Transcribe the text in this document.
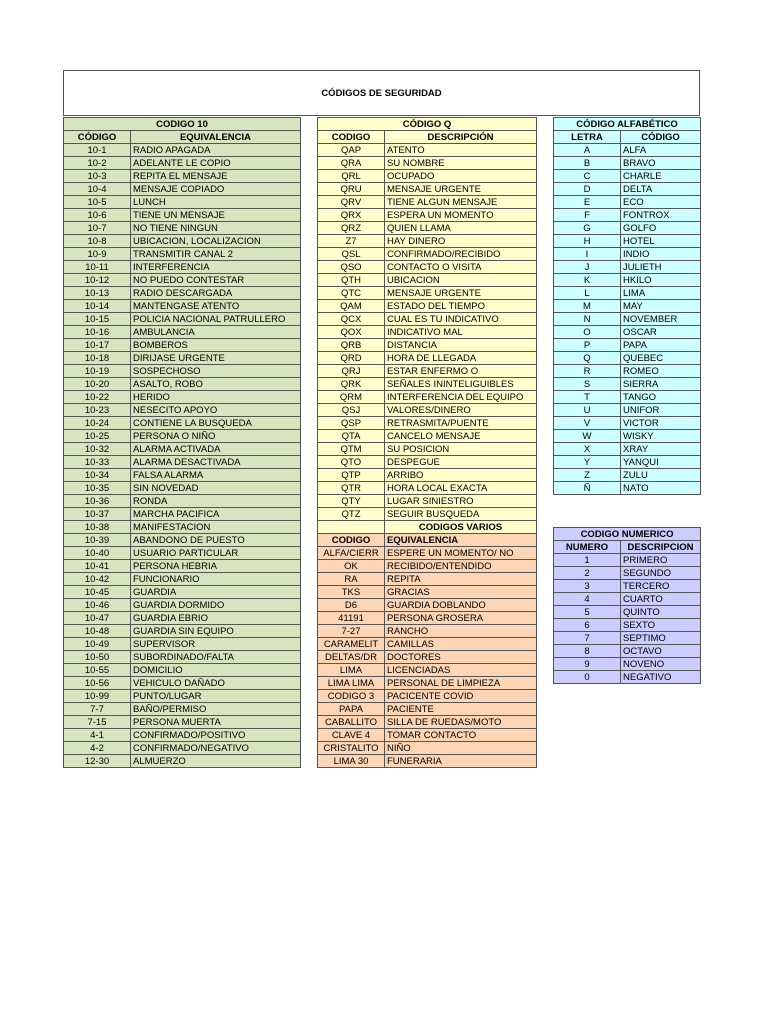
CÓDIGOS DE SEGURIDAD
CODIGO 10	
CÓDIGO	EQUIVALENCIA
10-1	RADIO APAGADA
10-2	ADELANTE LE COPIO
10-3	REPITA EL MENSAJE
10-4	MENSAJE COPIADO
10-5	LUNCH
10-6	TIENE UN MENSAJE
10-7	NO TIENE NINGUN
10-8	UBICACION, LOCALIZACION
10-9	TRANSMITIR CANAL 2
10-11	INTERFERENCIA
10-12	NO PUEDO CONTESTAR
10-13	RADIO DESCARGADA
10-14	MANTENGASE ATENTO
10-15	POLICIA NACIONAL PATRULLERO
10-16	AMBULANCIA
10-17	BOMBEROS
10-18	DIRIJASE URGENTE
10-19	SOSPECHOSO
10-20	ASALTO, ROBO
10-22	HERIDO
10-23	NESECITO APOYO
10-24	CONTIENE LA BUSQUEDA
10-25	PERSONA O NIÑO
10-32	ALARMA ACTIVADA
10-33	ALARMA DESACTIVADA
10-34	FALSA ALARMA
10-35	SIN NOVEDAD
10-36	RONDA
10-37	MARCHA PACIFICA
10-38	MANIFESTACION
10-39	ABANDONO DE PUESTO
10-40	USUARIO PARTICULAR
10-41	PERSONA HEBRIA
10-42	FUNCIONARIO
10-45	GUARDIA
10-46	GUARDIA DORMIDO
10-47	GUARDIA EBRIO
10-48	GUARDIA SIN EQUIPO
10-49	SUPERVISOR
10-50	SUBORDINADO/FALTA
10-55	DOMICILIO
10-56	VEHICULO DAÑADO
10-99	PUNTO/LUGAR
7-7	BAÑO/PERMISO
7-15	PERSONA MUERTA
4-1	CONFIRMADO/POSITIVO
4-2	CONFIRMADO/NEGATIVO
12-30	ALMUERZO
CÓDIGO Q	
CODIGO	DESCRIPCIÓN
QAP	ATENTO
QRA	SU NOMBRE
QRL	OCUPADO
QRU	MENSAJE URGENTE
QRV	TIENE ALGUN MENSAJE
QRX	ESPERA UN MOMENTO
QRZ	QUIEN LLAMA
Z7	HAY DINERO
QSL	CONFIRMADO/RECIBIDO
QSO	CONTACTO O VISITA
QTH	UBICACION
QTC	MENSAJE URGENTE
QAM	ESTADO DEL TIEMPO
QCX	CUAL ES TU INDICATIVO
QOX	INDICATIVO MAL
QRB	DISTANCIA
QRD	HORA DE LLEGADA
QRJ	ESTAR ENFERMO O
QRK	SEÑALES ININTELIGUIBLES
QRM	INTERFERENCIA DEL EQUIPO
QSJ	VALORES/DINERO
QSP	RETRASMITA/PUENTE
QTA	CANCELO MENSAJE
QTM	SU POSICION
QTO	DESPEGUE
QTP	ARRIBO
QTR	HORA LOCAL EXACTA
QTY	LUGAR SINIESTRO
QTZ	SEGUIR BUSQUEDA
	CODIGOS VARIOS
CODIGO	EQUIVALENCIA
ALFA/CIERR	ESPERE UN MOMENTO/ NO
OK	RECIBIDO/ENTENDIDO
RA	REPITA
TKS	GRACIAS
D6	GUARDIA DOBLANDO
41191	PERSONA GROSERA
7-27	RANCHO
CARAMELIT	CAMILLAS
DELTAS/DR	DOCTORES
LIMA	LICENCIADAS
LIMA LIMA	PERSONAL DE LIMPIEZA
CODIGO 3	PACICENTE COVID
PAPA	PACIENTE
CABALLITO	SILLA DE RUEDAS/MOTO
CLAVE 4	TOMAR CONTACTO
CRISTALITO	NIÑO
LIMA 30	FUNERARIA
CÓDIGO ALFABÉTICO	
LETRA	CÓDIGO
A	ALFA
B	BRAVO
C	CHARLE
D	DELTA
E	ECO
F	FONTROX
G	GOLFO
H	HOTEL
I	INDIO
J	JULIETH
K	HKILO
L	LIMA
M	MAY
N	NOVEMBER
O	OSCAR
P	PAPA
Q	QUEBEC
R	ROMEO
S	SIERRA
T	TANGO
U	UNIFOR
V	VICTOR
W	WISKY
X	XRAY
Y	YANQUI
Z	ZULU
Ñ	NATO
CODIGO NUMERICO	
NUMERO	DESCRIPCION
1	PRIMERO
2	SEGUNDO
3	TERCERO
4	CUARTO
5	QUINTO
6	SEXTO
7	SEPTIMO
8	OCTAVO
9	NOVENO
0	NEGATIVO
